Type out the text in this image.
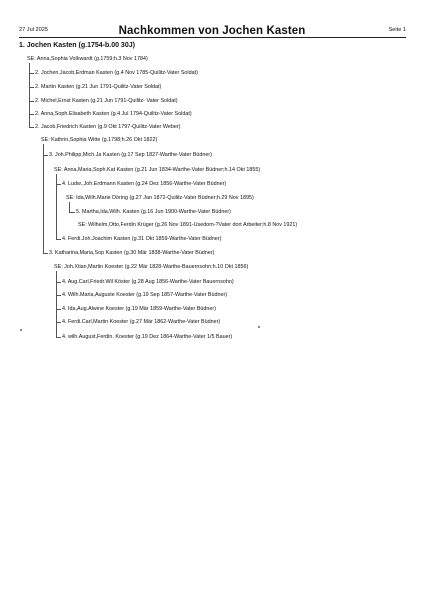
Nachkommen von Jochen Kasten
27 Jul 2025	Seite 1
1. Jochen Kasten (g.1754-b.00 30J)
SE: Anna,Sophia Volkwardt (g.1759;h.3 Nov 1784)
2. Jochen,Jacob,Erdman Kasten (g.4 Nov 1785-Quilitz-Vater Soldat)
2. Martin Kasten (g.21 Jun 1791-Quilitz-Vater Soldat)
2. Michel,Ernst Kasten (g.21 Jun 1791-Quilitz- Vater Soldat)
2. Anna,Soph.Elisabeth Kasten (g.4 Jul 1794-Quilitz-Vater Soldat)
2. Jacob,Friedrich Kasten (g.9 Okt 1797-Quilitz-Vater Weber)
SE: Kathrin,Sophia Witte (g.1798;h.26 Okt 1822)
3. Joh.Philipp,Mich.Ja Kasten (g.17 Sep 1827-Warthe-Vater Büdner)
SE: Anna,Maria,Soph.Kat Kasten (g.21 Jun 1834-Warthe-Vater Büdner;h.14 Okt 1855)
4. Ludw.,Joh.Erdmann Kasten (g.24 Dez 1856-Warthe-Vater Büdner)
SE: Ida,Wilh.Marie Döring (g.27 Jan 1872-Quilitz-Vater Büdner;h.29 Nov 1895)
5. Martha,Ida.Wilh. Kasten (g.16 Jun 1900-Warthe-Vater Büdner)
SE: Wilhelm,Otto,Ferdin Krüger (g.26 Nov 1891-Usedom-?Vater dort Arbeiter;h.8 Nov 1921)
4. Ferdi.Joh.Joachim Kasten (g.31 Okt 1859-Warthe-Vater Büdner)
3. Katharina,Maria,Sop Kasten (g.30 Mär 1838-Warthe-Vater Büdner)
SE: Joh.Xtian,Martin Koester (g.22 Mär 1828-Warthe-Bauernsohn;h.10 Okt 1856)
4. Aug.Carl,Friedr.Wil Köster (g.28 Aug 1856-Warthe-Vater Bauernsohn)
4. Wilh.Maria,Auguste Koester (g.19 Sep 1857-Warthe-Vater Büdner)
4. Ida,Aug.Alwine Koester (g.19 Mär 1859-Warthe-Vater Büdner)
4. Ferdi.Carl,Martin Koester (g.27 Mär 1862-Warthe-Vater Büdner)
4. wilh.August,Ferdin. Koester (g.19 Dez 1864-Warthe-Vater 1/5 Bauer)
